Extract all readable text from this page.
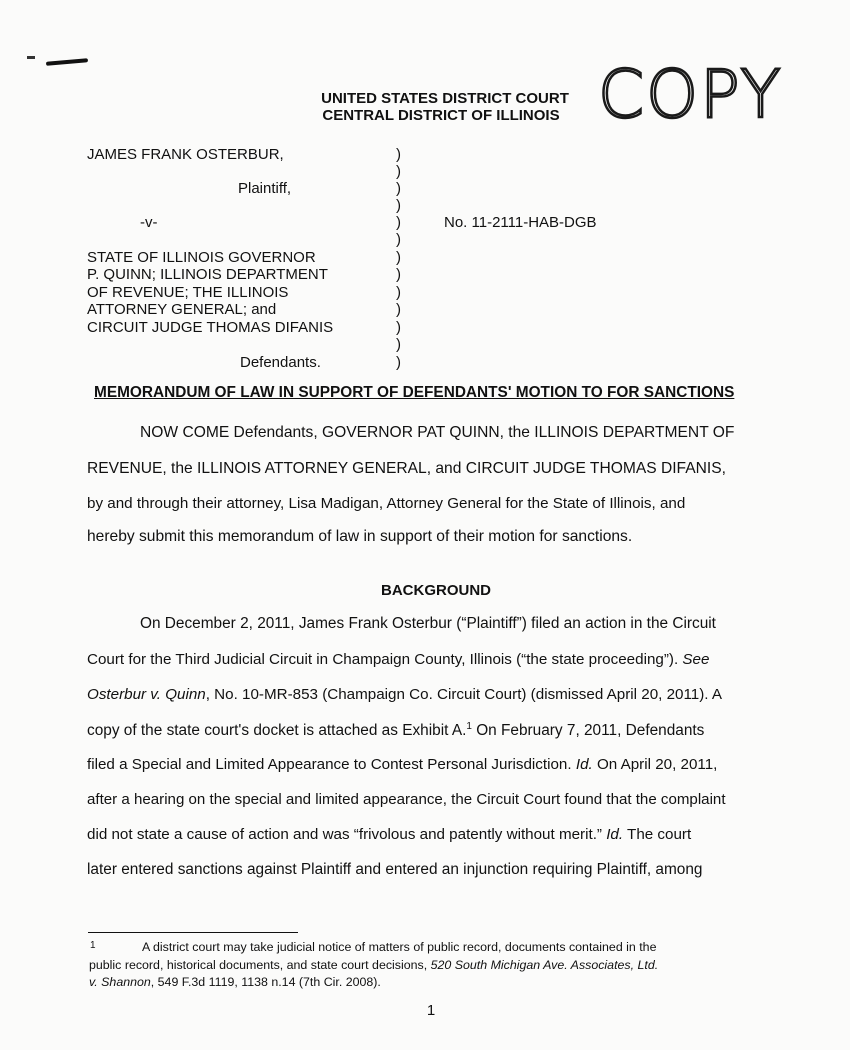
COPY
UNITED STATES DISTRICT COURT
CENTRAL DISTRICT OF ILLINOIS
JAMES FRANK OSTERBUR,
Plaintiff,
-v-	No. 11-2111-HAB-DGB
STATE OF ILLINOIS GOVERNOR
P. QUINN; ILLINOIS DEPARTMENT
OF REVENUE; THE ILLINOIS
ATTORNEY GENERAL; and
CIRCUIT JUDGE THOMAS DIFANIS
Defendants.
)
)
)
)
)
)
)
)
)
)
)
)
)
MEMORANDUM OF LAW IN SUPPORT OF DEFENDANTS' MOTION TO FOR SANCTIONS
NOW COME Defendants, GOVERNOR PAT QUINN, the ILLINOIS DEPARTMENT OF
REVENUE, the ILLINOIS ATTORNEY GENERAL, and CIRCUIT JUDGE THOMAS DIFANIS,
by and through their attorney, Lisa Madigan, Attorney General for the State of Illinois, and
hereby submit this memorandum of law in support of their motion for sanctions.
BACKGROUND
On December 2, 2011, James Frank Osterbur (“Plaintiff”) filed an action in the Circuit
Court for the Third Judicial Circuit in Champaign County, Illinois (“the state proceeding”). See
Osterbur v. Quinn, No. 10-MR-853 (Champaign Co. Circuit Court) (dismissed April 20, 2011). A
copy of the state court's docket is attached as Exhibit A.$^1$ On February 7, 2011, Defendants
filed a Special and Limited Appearance to Contest Personal Jurisdiction. Id. On April 20, 2011,
after a hearing on the special and limited appearance, the Circuit Court found that the complaint
did not state a cause of action and was “frivolous and patently without merit.” Id. The court
later entered sanctions against Plaintiff and entered an injunction requiring Plaintiff, among
1	A district court may take judicial notice of matters of public record, documents contained in the
public record, historical documents, and state court decisions, 520 South Michigan Ave. Associates, Ltd.
v. Shannon, 549 F.3d 1119, 1138 n.14 (7th Cir. 2008).
1
